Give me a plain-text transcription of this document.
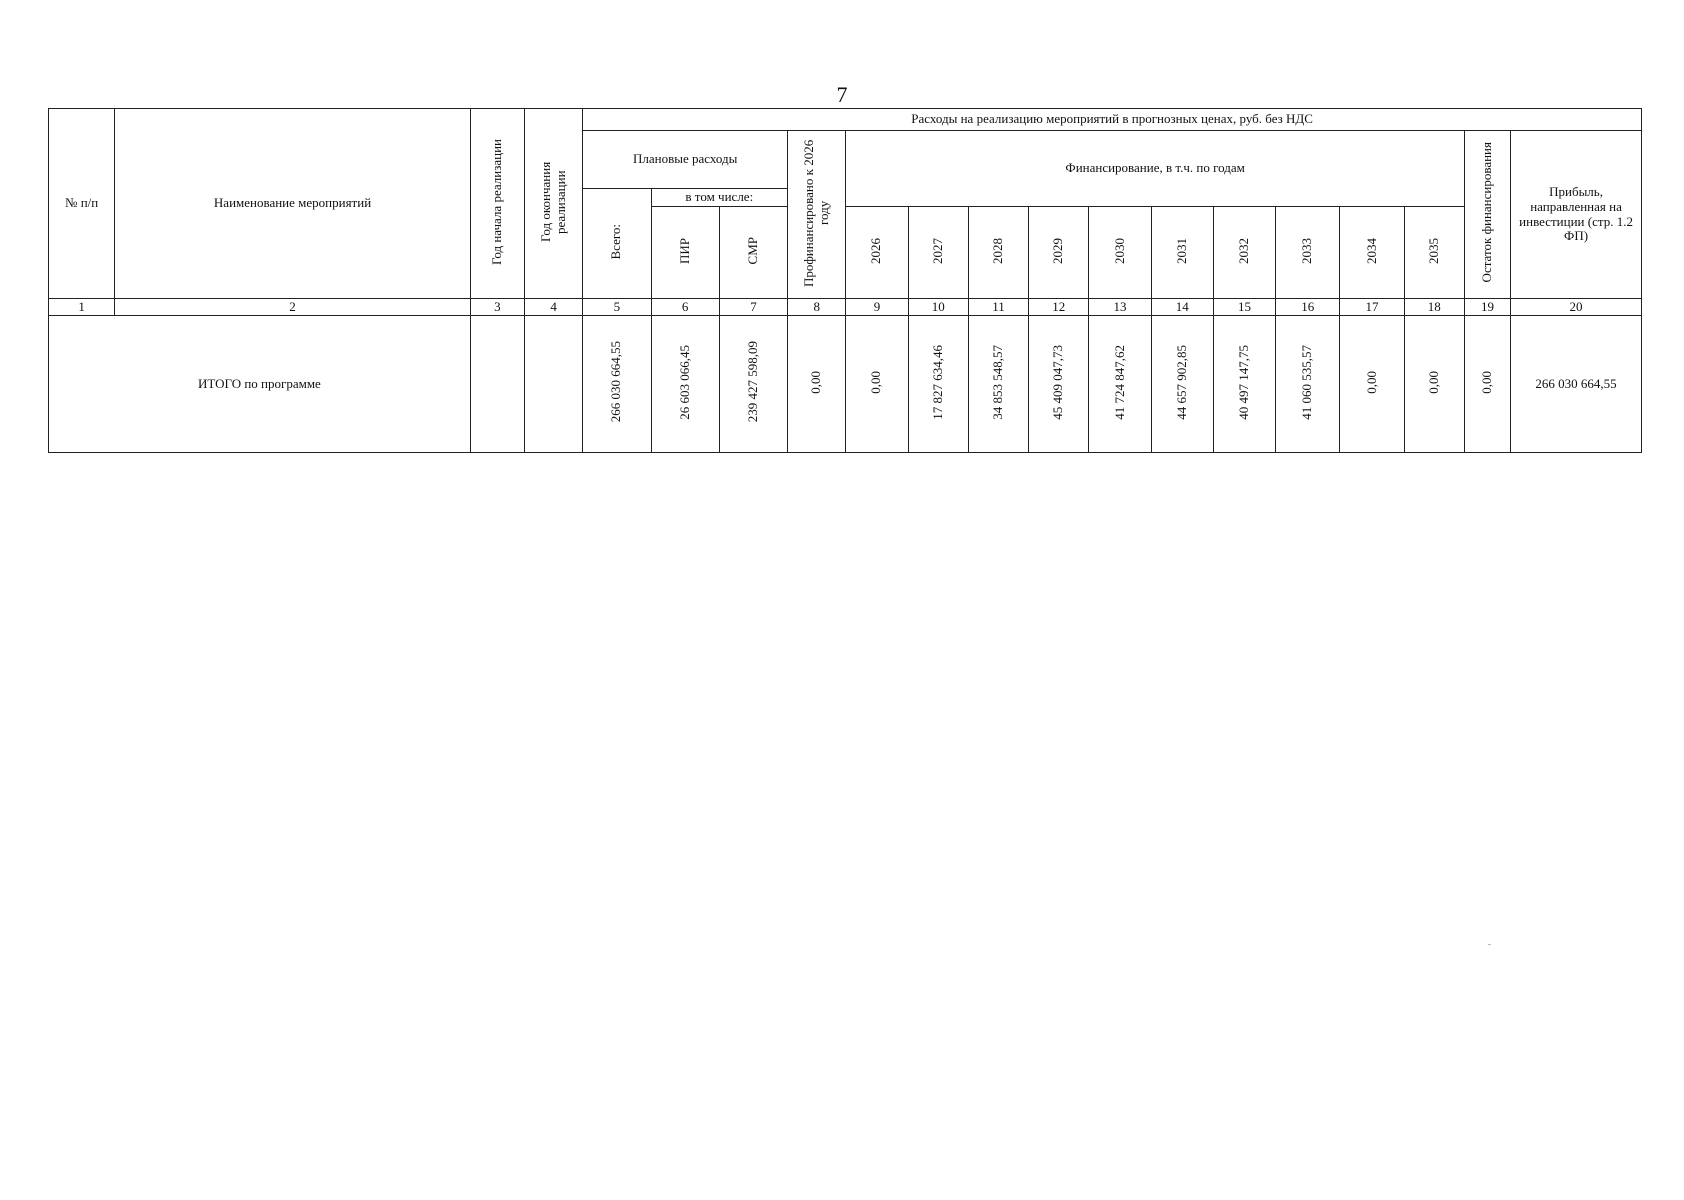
7
№ п/п	Наименование мероприятий	Год начала реализации	Год окончания реализации	Расходы на реализацию мероприятий в прогнозных ценах, руб. без НДС															
				Плановые расходы			Профинансировано к 2026 году	Финансирование, в т.ч. по годам										Остаток финансирования	Прибыль, направленная на инвестиции (стр. 1.2 ФП)
				Всего:	в том числе:														
					ПИР	СМР		2026	2027	2028	2029	2030	2031	2032	2033	2034	2035		
1	2	3	4	5	6	7	8	9	10	11	12	13	14	15	16	17	18	19	20
ИТОГО по программе				266 030 664,55	26 603 066,45	239 427 598,09	0,00	0,00	17 827 634,46	34 853 548,57	45 409 047,73	41 724 847,62	44 657 902,85	40 497 147,75	41 060 535,57	0,00	0,00	0,00	266 030 664,55
